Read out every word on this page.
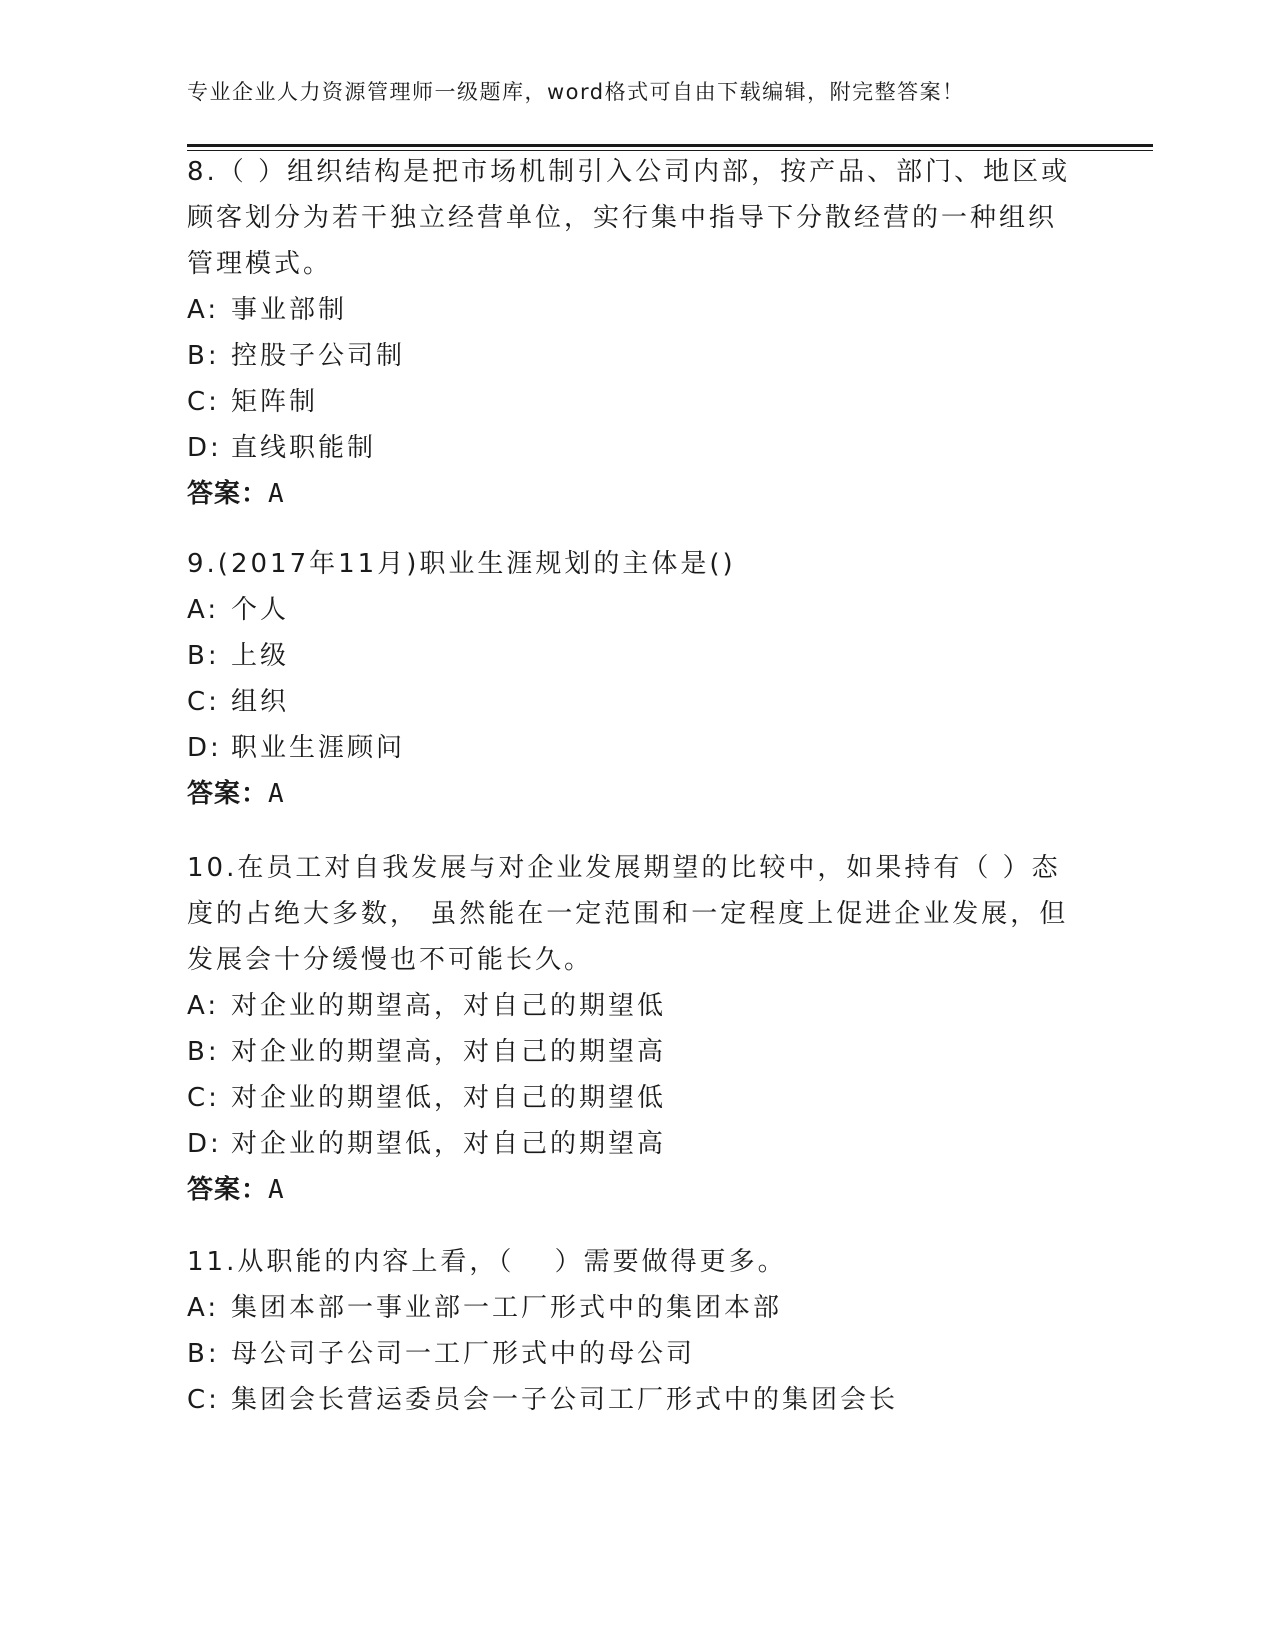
专业企业人力资源管理师一级题库，word格式可自由下载编辑，附完整答案！
8.（ ）组织结构是把市场机制引入公司内部，按产品、部门、地区或
顾客划分为若干独立经营单位，实行集中指导下分散经营的一种组织
管理模式。
A: 事业部制
B: 控股子公司制
C: 矩阵制
D: 直线职能制
答案：A
9.(2017年11月)职业生涯规划的主体是()
A: 个人
B: 上级
C: 组织
D: 职业生涯顾问
答案：A
10.在员工对自我发展与对企业发展期望的比较中，如果持有（ ）态
度的占绝大多数， 虽然能在一定范围和一定程度上促进企业发展，但
发展会十分缓慢也不可能长久。
A: 对企业的期望高，对自己的期望低
B: 对企业的期望高，对自己的期望高
C: 对企业的期望低，对自己的期望低
D: 对企业的期望低，对自己的期望高
答案：A
11.从职能的内容上看，（　 ）需要做得更多。
A: 集团本部一事业部一工厂形式中的集团本部
B: 母公司子公司一工厂形式中的母公司
C: 集团会长营运委员会一子公司工厂形式中的集团会长
